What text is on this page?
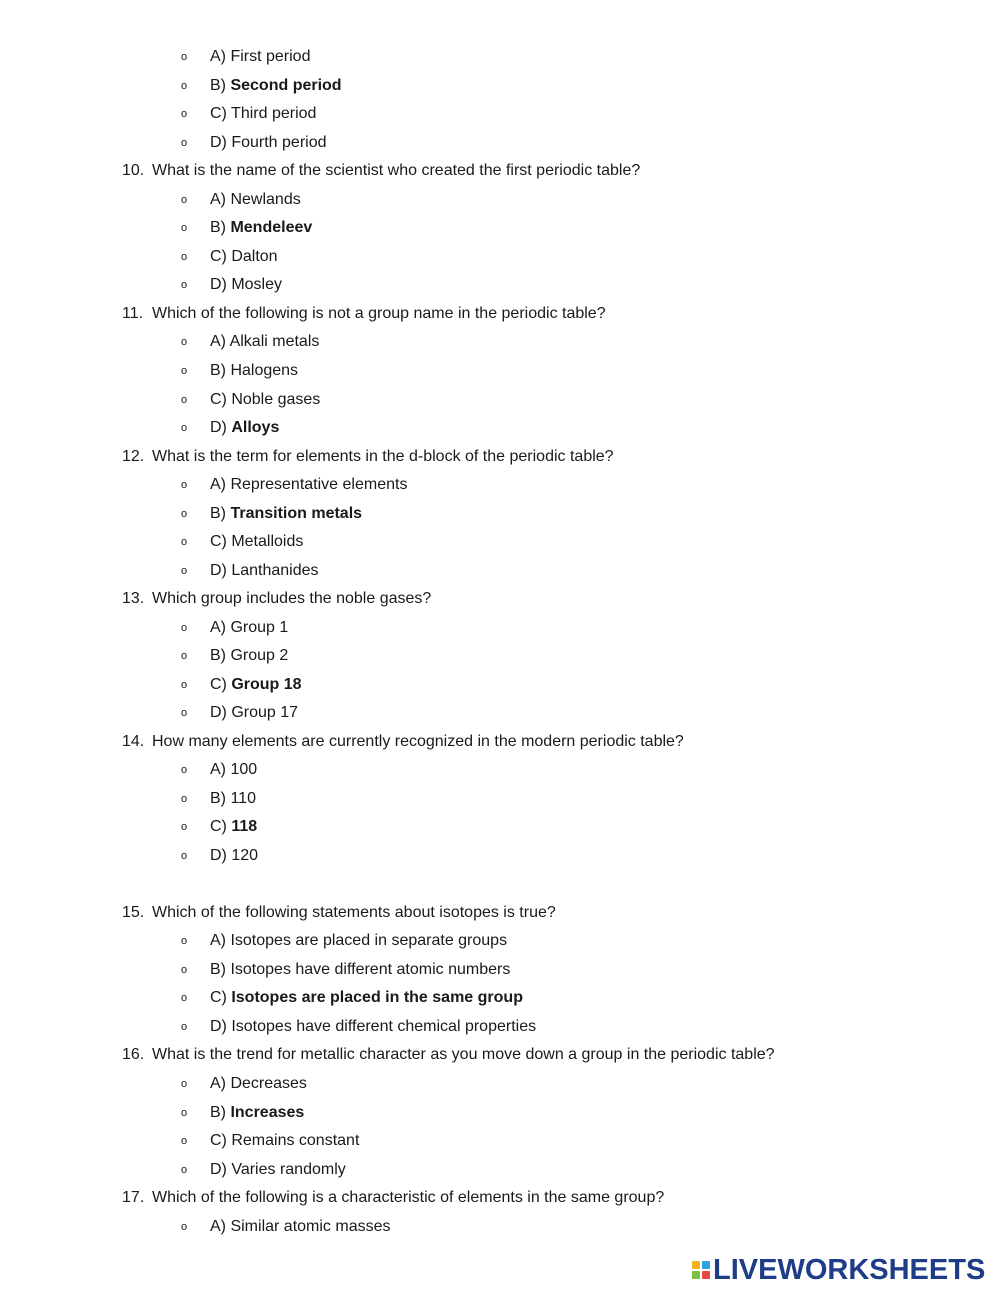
o A) First period
o B) Second period
o C) Third period
o D) Fourth period
10. What is the name of the scientist who created the first periodic table?
o A) Newlands
o B) Mendeleev
o C) Dalton
o D) Mosley
11. Which of the following is not a group name in the periodic table?
o A) Alkali metals
o B) Halogens
o C) Noble gases
o D) Alloys
12. What is the term for elements in the d-block of the periodic table?
o A) Representative elements
o B) Transition metals
o C) Metalloids
o D) Lanthanides
13. Which group includes the noble gases?
o A) Group 1
o B) Group 2
o C) Group 18
o D) Group 17
14. How many elements are currently recognized in the modern periodic table?
o A) 100
o B) 110
o C) 118
o D) 120
15. Which of the following statements about isotopes is true?
o A) Isotopes are placed in separate groups
o B) Isotopes have different atomic numbers
o C) Isotopes are placed in the same group
o D) Isotopes have different chemical properties
16. What is the trend for metallic character as you move down a group in the periodic table?
o A) Decreases
o B) Increases
o C) Remains constant
o D) Varies randomly
17. Which of the following is a characteristic of elements in the same group?
o A) Similar atomic masses
LIVEWORKSHEETS
